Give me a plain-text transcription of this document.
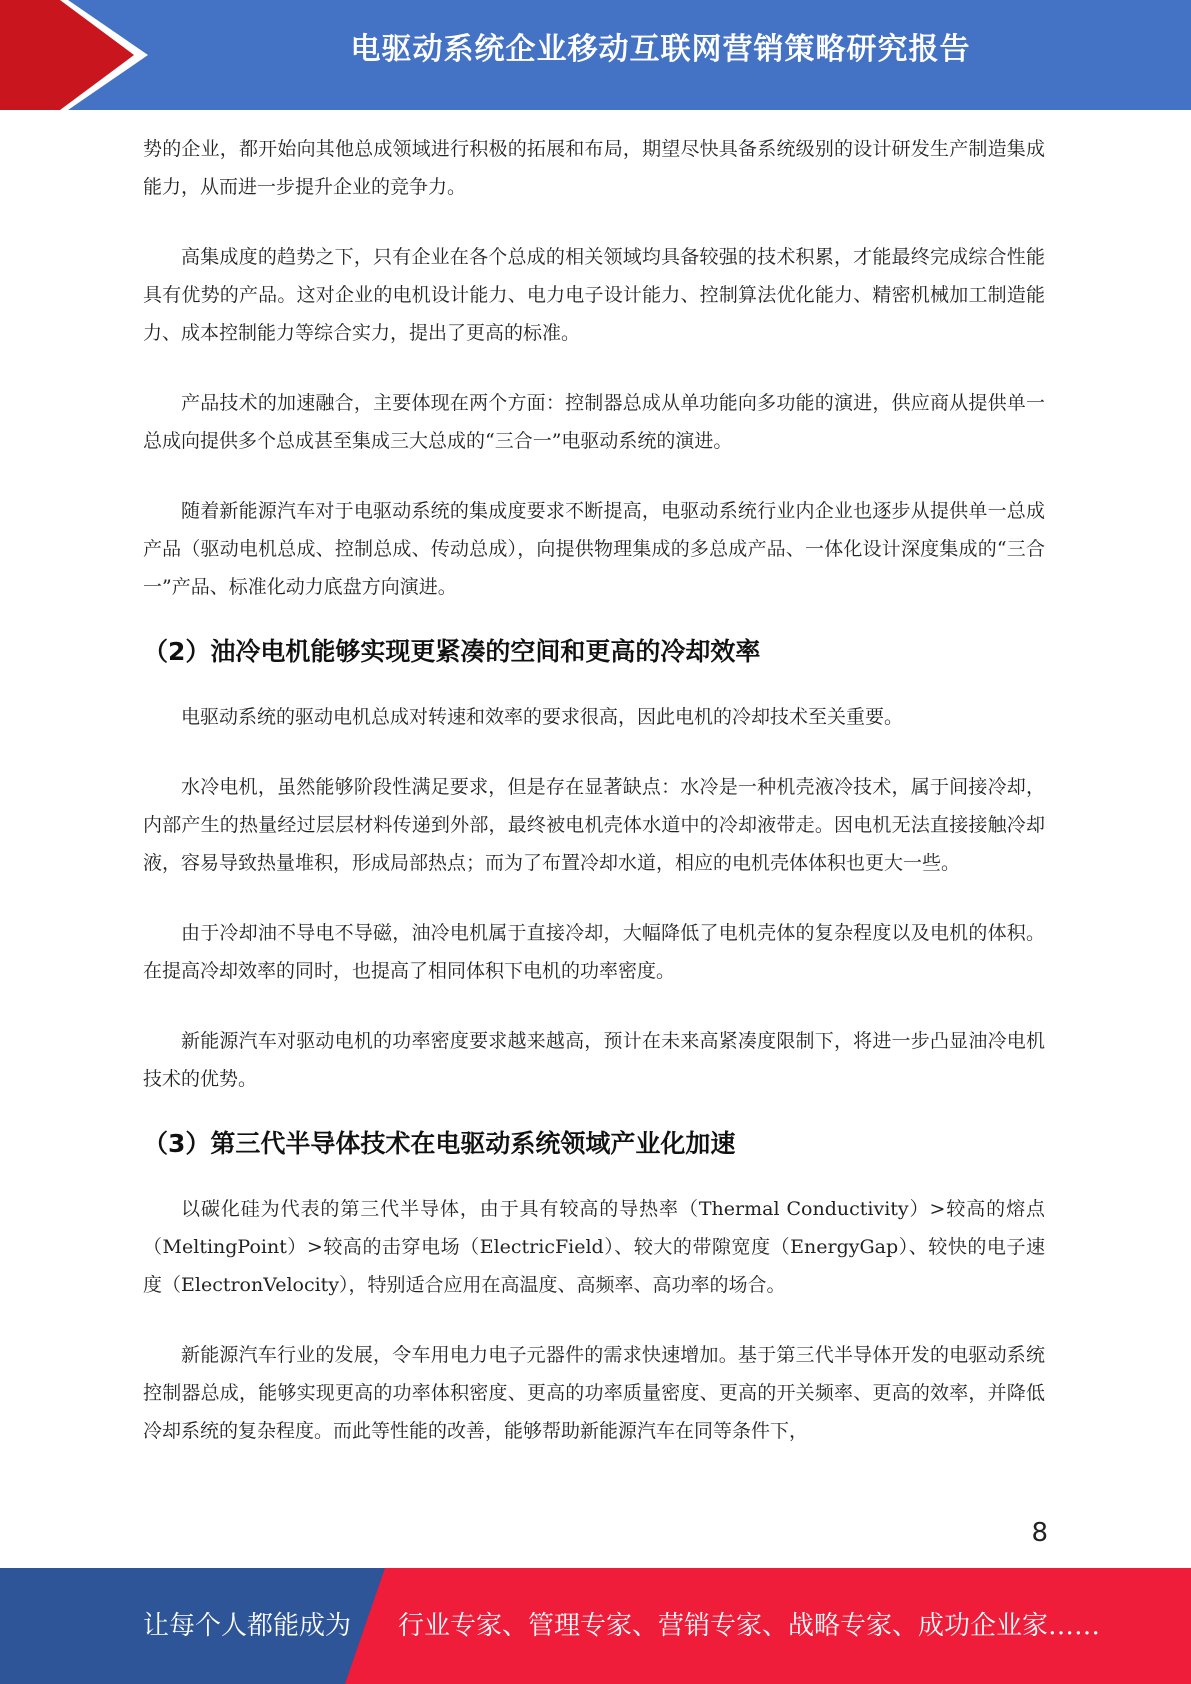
电驱动系统企业移动互联网营销策略研究报告

势的企业，都开始向其他总成领域进行积极的拓展和布局，期望尽快具备系统级别的设计研发生产制造集成能力，从而进一步提升企业的竞争力。

高集成度的趋势之下，只有企业在各个总成的相关领域均具备较强的技术积累，才能最终完成综合性能具有优势的产品。这对企业的电机设计能力、电力电子设计能力、控制算法优化能力、精密机械加工制造能力、成本控制能力等综合实力，提出了更高的标准。

产品技术的加速融合，主要体现在两个方面：控制器总成从单功能向多功能的演进，供应商从提供单一总成向提供多个总成甚至集成三大总成的“三合一”电驱动系统的演进。

随着新能源汽车对于电驱动系统的集成度要求不断提高，电驱动系统行业内企业也逐步从提供单一总成产品（驱动电机总成、控制总成、传动总成），向提供物理集成的多总成产品、一体化设计深度集成的“三合一”产品、标准化动力底盘方向演进。

（2）油冷电机能够实现更紧凑的空间和更高的冷却效率

电驱动系统的驱动电机总成对转速和效率的要求很高，因此电机的冷却技术至关重要。

水冷电机，虽然能够阶段性满足要求，但是存在显著缺点：水冷是一种机壳液冷技术，属于间接冷却，内部产生的热量经过层层材料传递到外部，最终被电机壳体水道中的冷却液带走。因电机无法直接接触冷却液，容易导致热量堆积，形成局部热点；而为了布置冷却水道，相应的电机壳体体积也更大一些。

由于冷却油不导电不导磁，油冷电机属于直接冷却，大幅降低了电机壳体的复杂程度以及电机的体积。在提高冷却效率的同时，也提高了相同体积下电机的功率密度。

新能源汽车对驱动电机的功率密度要求越来越高，预计在未来高紧凑度限制下，将进一步凸显油冷电机技术的优势。

（3）第三代半导体技术在电驱动系统领域产业化加速

以碳化硅为代表的第三代半导体，由于具有较高的导热率（Thermal Conductivity）>较高的熔点（MeltingPoint）>较高的击穿电场（ElectricField）、较大的带隙宽度（EnergyGap）、较快的电子速度（ElectronVelocity），特别适合应用在高温度、高频率、高功率的场合。

新能源汽车行业的发展，令车用电力电子元器件的需求快速增加。基于第三代半导体开发的电驱动系统控制器总成，能够实现更高的功率体积密度、更高的功率质量密度、更高的开关频率、更高的效率，并降低冷却系统的复杂程度。而此等性能的改善，能够帮助新能源汽车在同等条件下，

8
让每个人都能成为 行业专家、管理专家、营销专家、战略专家、成功企业家……
